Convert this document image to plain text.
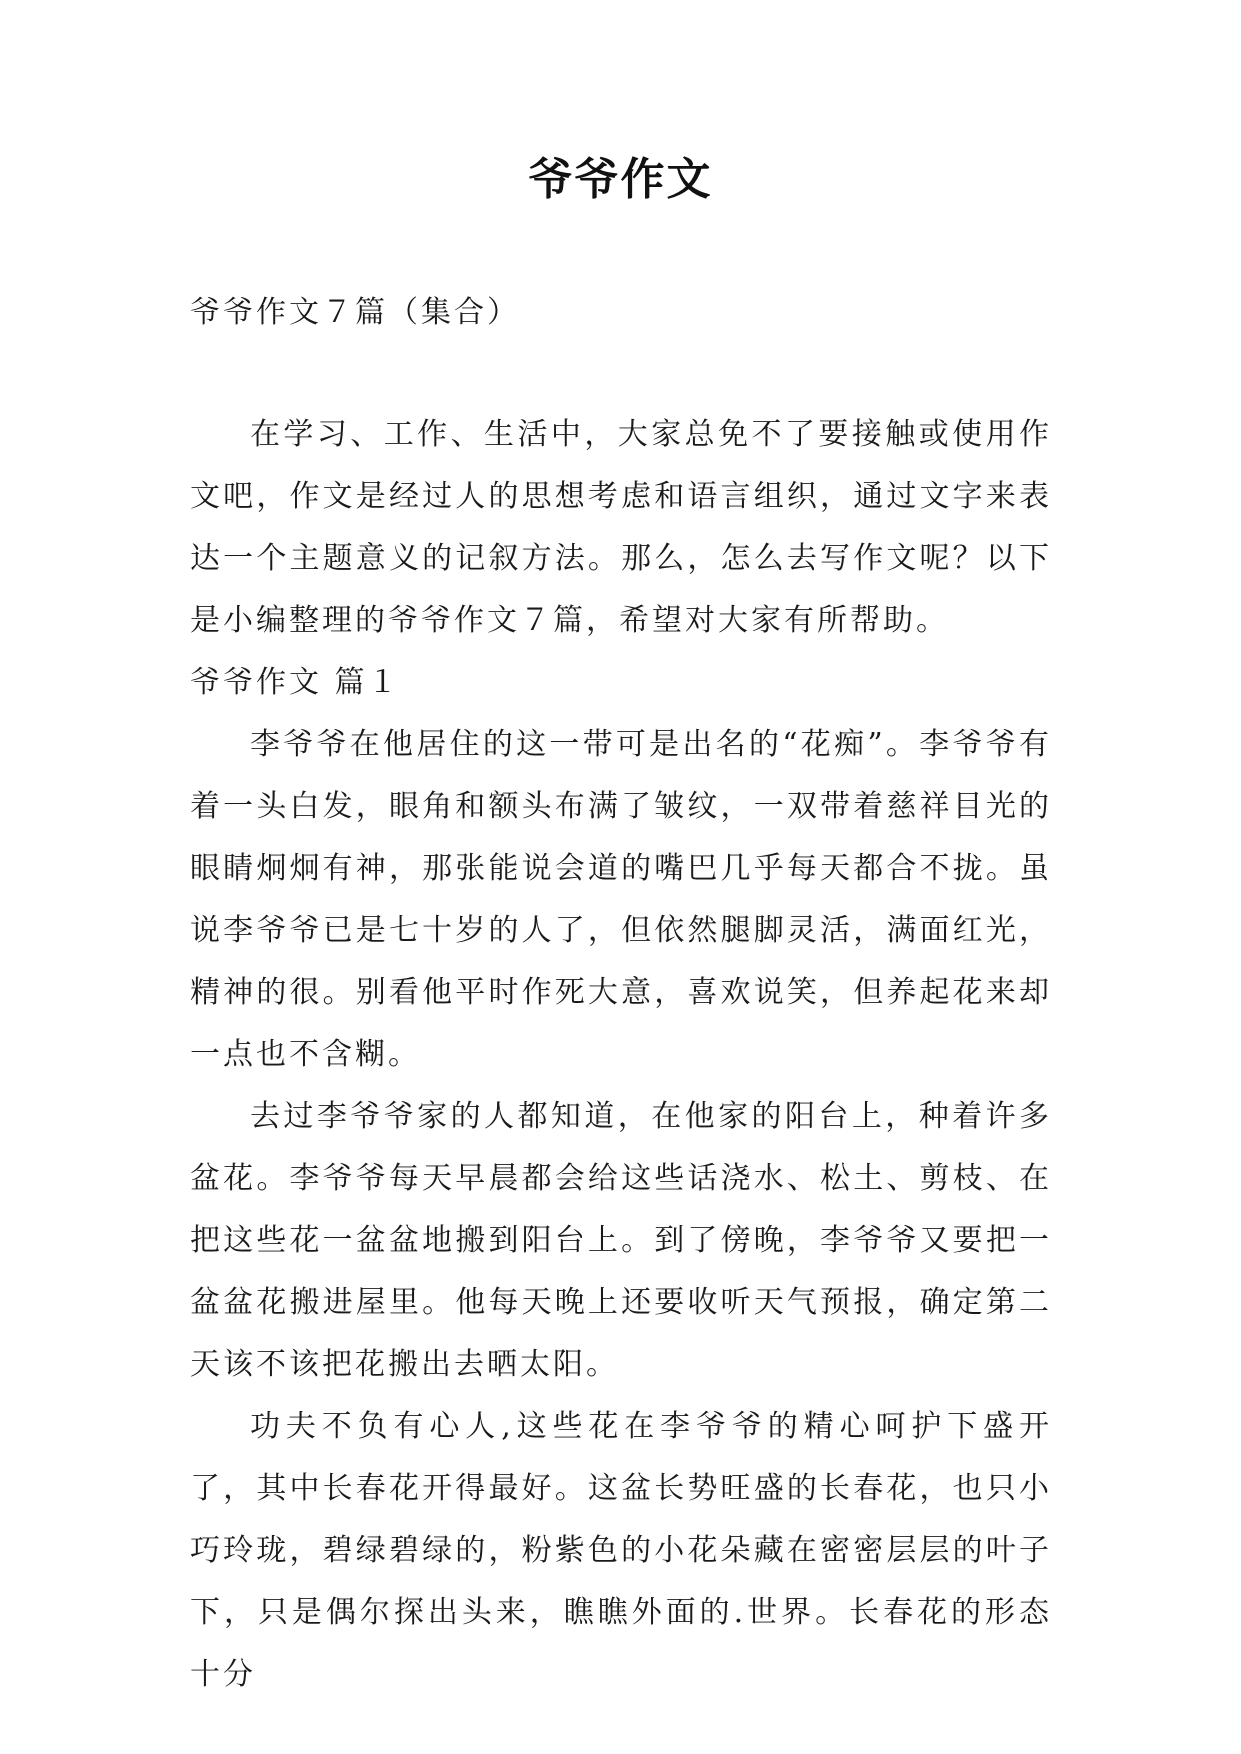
爷爷作文
爷爷作文７篇（集合）

在学习、工作、生活中，大家总免不了要接触或使用作文吧，作文是经过人的思想考虑和语言组织，通过文字来表达一个主题意义的记叙方法。那么，怎么去写作文呢？以下是小编整理的爷爷作文７篇，希望对大家有所帮助。

爷爷作文 篇１

李爷爷在他居住的这一带可是出名的“花痴”。李爷爷有着一头白发，眼角和额头布满了皱纹，一双带着慈祥目光的眼睛炯炯有神，那张能说会道的嘴巴几乎每天都合不拢。虽说李爷爷已是七十岁的人了，但依然腿脚灵活，满面红光，精神的很。别看他平时作死大意，喜欢说笑，但养起花来却一点也不含糊。

去过李爷爷家的人都知道，在他家的阳台上，种着许多盆花。李爷爷每天早晨都会给这些话浇水、松土、剪枝、在把这些花一盆盆地搬到阳台上。到了傍晚，李爷爷又要把一盆盆花搬进屋里。他每天晚上还要收听天气预报，确定第二天该不该把花搬出去晒太阳。

功夫不负有心人,这些花在李爷爷的精心呵护下盛开了，其中长春花开得最好。这盆长势旺盛的长春花，也只小巧玲珑，碧绿碧绿的，粉紫色的小花朵藏在密密层层的叶子下，只是偶尔探出头来，瞧瞧外面的.世界。长春花的形态十分
